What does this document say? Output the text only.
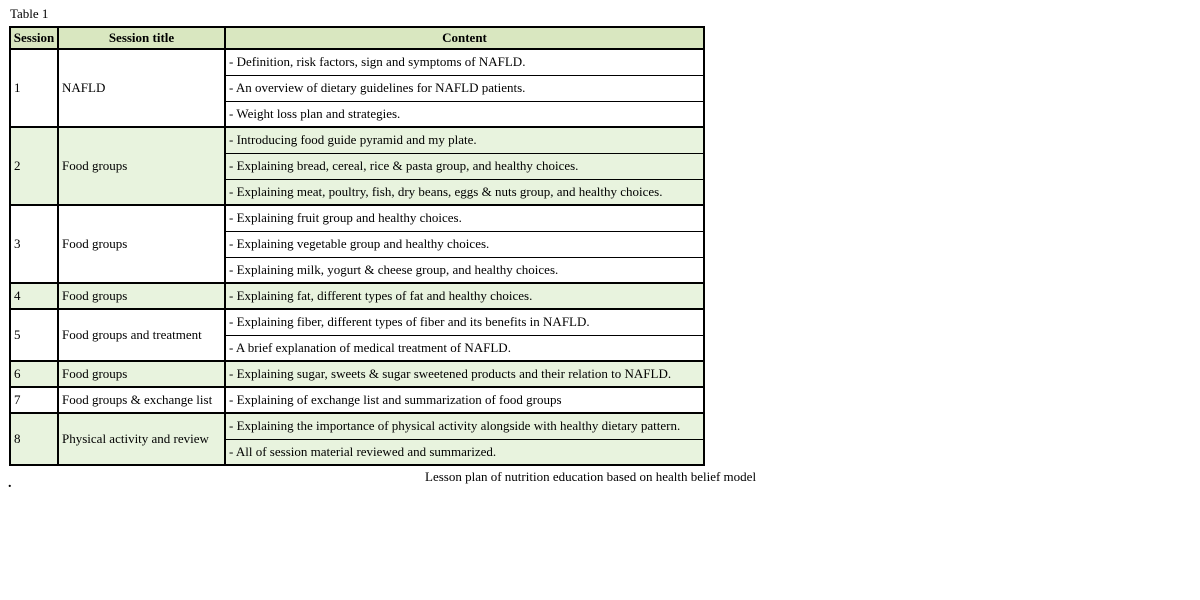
Table 1
Session	Session title	Content
1	NAFLD	- Definition, risk factors, sign and symptoms of NAFLD.
		- An overview of dietary guidelines for NAFLD patients.
		- Weight loss plan and strategies.
2	Food groups	- Introducing food guide pyramid and my plate.
		- Explaining bread, cereal, rice & pasta group, and healthy choices.
		- Explaining meat, poultry, fish, dry beans, eggs & nuts group, and healthy choices.
3	Food groups	- Explaining fruit group and healthy choices.
		- Explaining vegetable group and healthy choices.
		- Explaining milk, yogurt & cheese group, and healthy choices.
4	Food groups	- Explaining fat, different types of fat and healthy choices.
5	Food groups and treatment	- Explaining fiber, different types of fiber and its benefits in NAFLD.
		- A brief explanation of medical treatment of NAFLD.
6	Food groups	- Explaining sugar, sweets & sugar sweetened products and their relation to NAFLD.
7	Food groups & exchange list	- Explaining of exchange list and summarization of food groups
8	Physical activity and review	- Explaining the importance of physical activity alongside with healthy dietary pattern.
		- All of session material reviewed and summarized.
Lesson plan of nutrition education based on health belief model
.
